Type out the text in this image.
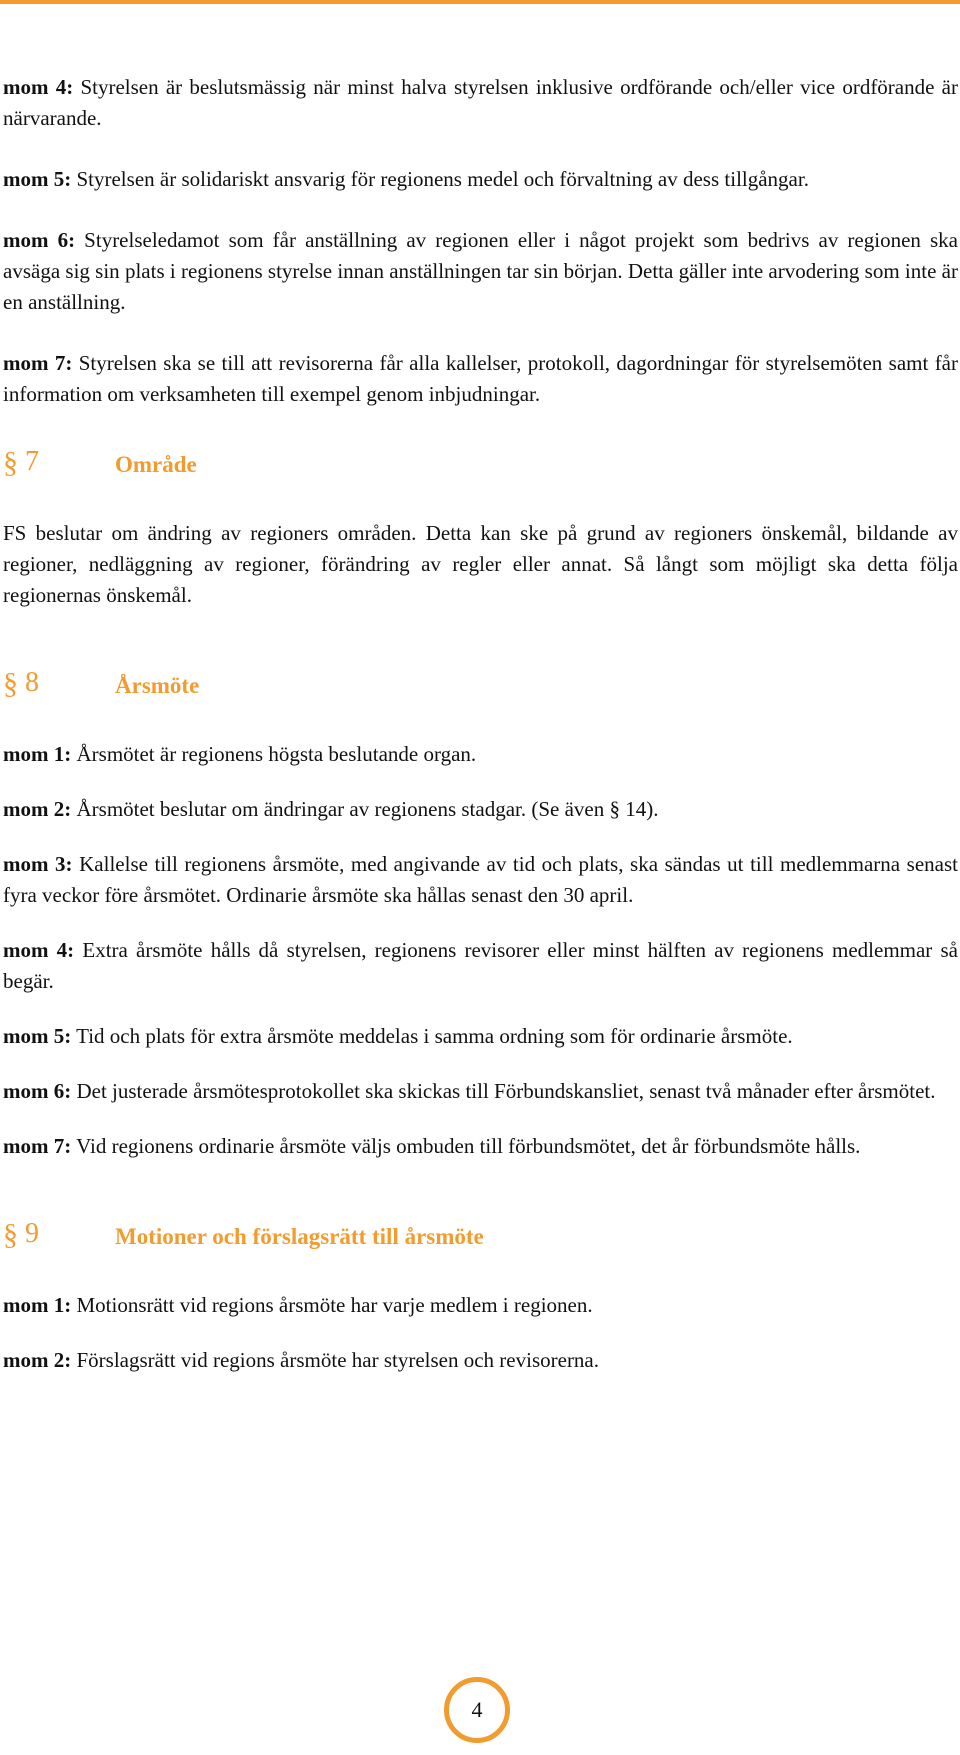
mom 4: Styrelsen är beslutsmässig när minst halva styrelsen inklusive ordförande och/eller vice ordförande är närvarande.

mom 5: Styrelsen är solidariskt ansvarig för regionens medel och förvaltning av dess tillgångar.

mom 6: Styrelseledamot som får anställning av regionen eller i något projekt som bedrivs av regionen ska avsäga sig sin plats i regionens styrelse innan anställningen tar sin början. Detta gäller inte arvodering som inte är en anställning.

mom 7: Styrelsen ska se till att revisorerna får alla kallelser, protokoll, dagordningar för styrelsemöten samt får information om verksamheten till exempel genom inbjudningar.

§ 7	Område

FS beslutar om ändring av regioners områden. Detta kan ske på grund av regioners önskemål, bildande av regioner, nedläggning av regioner, förändring av regler eller annat. Så långt som möjligt ska detta följa regionernas önskemål.

§ 8	Årsmöte

mom 1: Årsmötet är regionens högsta beslutande organ.

mom 2: Årsmötet beslutar om ändringar av regionens stadgar. (Se även § 14).

mom 3: Kallelse till regionens årsmöte, med angivande av tid och plats, ska sändas ut till medlemmarna senast fyra veckor före årsmötet. Ordinarie årsmöte ska hållas senast den 30 april.

mom 4: Extra årsmöte hålls då styrelsen, regionens revisorer eller minst hälften av regionens medlemmar så begär.

mom 5: Tid och plats för extra årsmöte meddelas i samma ordning som för ordinarie årsmöte.

mom 6: Det justerade årsmötesprotokollet ska skickas till Förbundskansliet, senast två månader efter årsmötet.

mom 7: Vid regionens ordinarie årsmöte väljs ombuden till förbundsmötet, det år förbundsmöte hålls.

§ 9	Motioner och förslagsrätt till årsmöte

mom 1: Motionsrätt vid regions årsmöte har varje medlem i regionen.

mom 2: Förslagsrätt vid regions årsmöte har styrelsen och revisorerna.

4
